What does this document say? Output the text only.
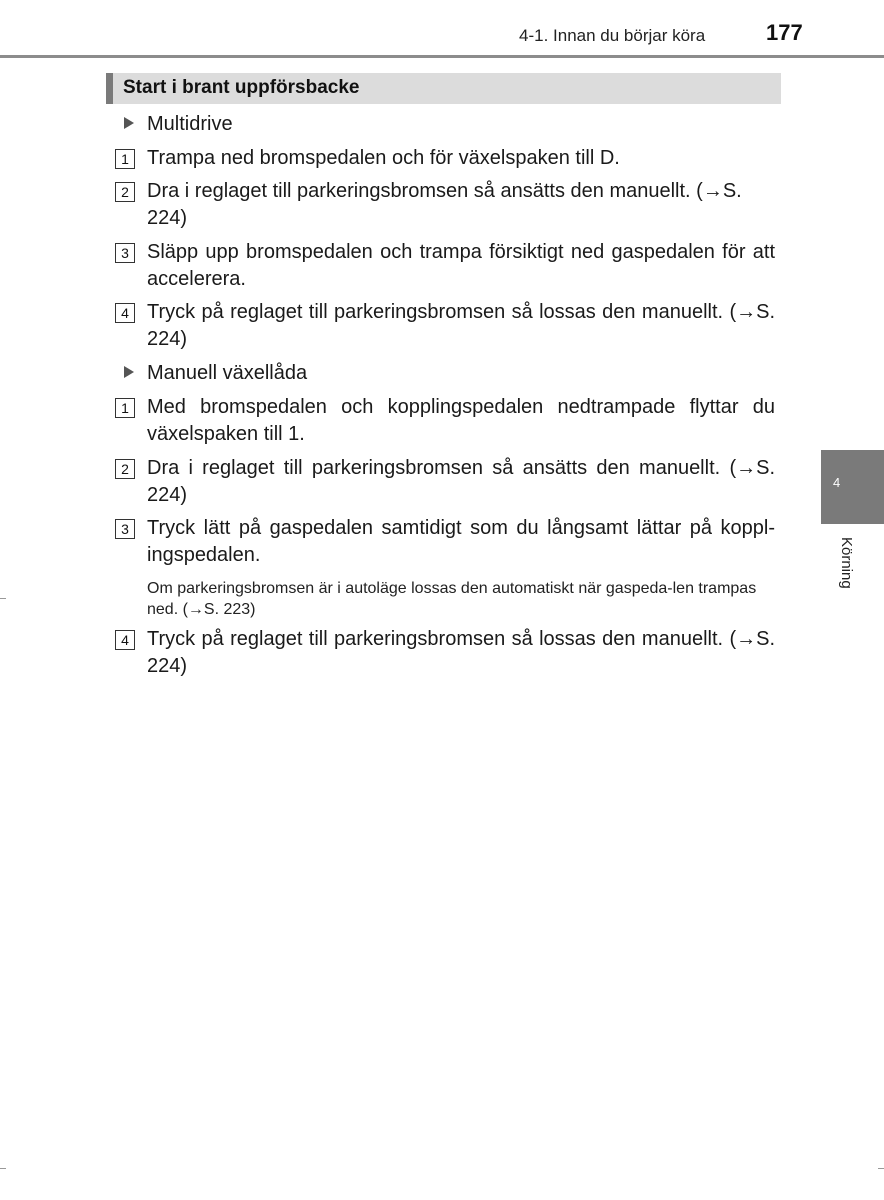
4-1. Innan du börjar köra	177
Start i brant uppförsbacke
Multidrive
1 Trampa ned bromspedalen och för växelspaken till D.
2 Dra i reglaget till parkeringsbromsen så ansätts den manuellt. (→S. 224)
3 Släpp upp bromspedalen och trampa försiktigt ned gaspedalen för att accelerera.
4 Tryck på reglaget till parkeringsbromsen så lossas den manuellt. (→S. 224)
Manuell växellåda
1 Med bromspedalen och kopplingspedalen nedtrampade flyttar du växelspaken till 1.
2 Dra i reglaget till parkeringsbromsen så ansätts den manuellt. (→S. 224)
3 Tryck lätt på gaspedalen samtidigt som du långsamt lättar på koppl-ingspedalen.
Om parkeringsbromsen är i autoläge lossas den automatiskt när gaspeda-len trampas ned. (→S. 223)
4 Tryck på reglaget till parkeringsbromsen så lossas den manuellt. (→S. 224)
4
Körning
